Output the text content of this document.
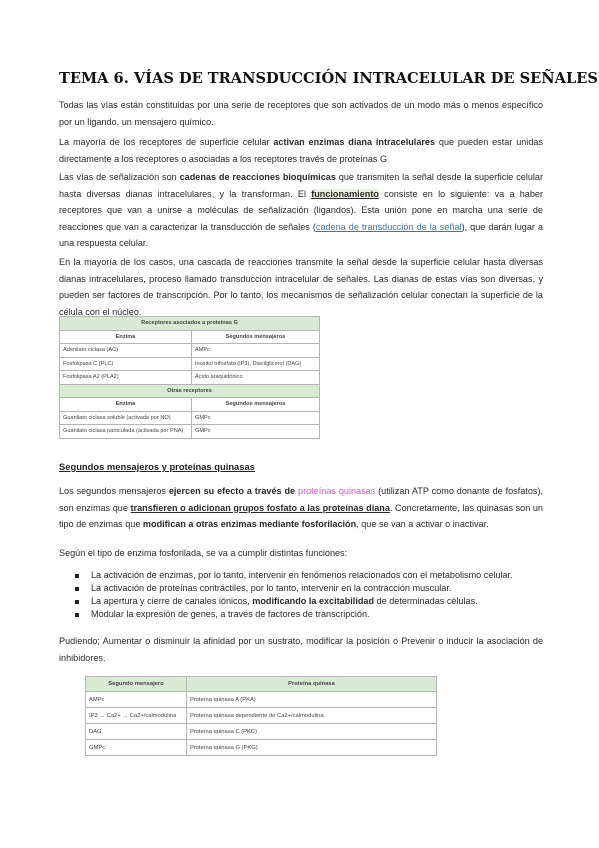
TEMA 6. VÍAS DE TRANSDUCCIÓN INTRACELULAR DE SEÑALES

Todas las vías están constituidas por una serie de receptores que son activados de un modo más o menos específico por un ligando, un mensajero químico.

La mayoría de los receptores de superficie celular activan enzimas diana intracelulares que pueden estar unidas directamente a los receptores o asociadas a los receptores través de proteínas G

Las vías de señalización son cadenas de reacciones bioquímicas que transmiten la señal desde la superficie celular hasta diversas dianas intracelulares, y la transforman. El funcionamiento consiste en lo siguiente: va a haber receptores que van a unirse a moléculas de señalización (ligandos). Esta unión pone en marcha una serie de reacciones que van a caracterizar la transducción de señales (cadena de transducción de la señal), que darán lugar a una respuesta celular.

En la mayoría de los casos, una cascada de reacciones transmite la señal desde la superficie celular hasta diversas dianas intracelulares, proceso llamado transducción intracelular de señales. Las dianas de estas vías son diversas, y pueden ser factores de transcripción. Por lo tanto, los mecanismos de señalización celular conectan la superficie de la célula con el núcleo.

Receptores asociados a proteínas G	
Enzima	Segundos mensajeros
Adenilato ciclasa (AC)	AMPc
Fosfolipasa C (PLC)	Inositol trifosfato (IP3), Diacilglicerol (DAG)
Fosfolipasa A2 (PLA2)	Ácido araquidónico
Otras receptores	
Enzima	Segundos mensajeros
Guanilato ciclasa soluble (activada por NO)	GMPc
Guanilato ciclasa particulada (activada por PNA)	GMPc

Segundos mensajeros y proteínas quinasas

Los segundos mensajeros ejercen su efecto a través de proteínas quinasas (utilizan ATP como donante de fosfatos), son enzimas que transfieren o adicionan grupos fosfato a las proteínas diana. Concretamente, las quinasas son un tipo de enzimas que modifican a otras enzimas mediante fosforilación, que se van a activar o inactivar.

Según el tipo de enzima fosforilada, se va a cumplir distintas funciones:

La activación de enzimas, por lo tanto, intervenir en fenómenos relacionados con el metabolismo celular.
La activación de proteínas contráctiles, por lo tanto, intervenir en la contracción muscular.
La apertura y cierre de canales iónicos, modificando la excitabilidad de determinadas células.
Modular la expresión de genes, a través de factores de transcripción.

Pudiendo; Aumentar o disminuir la afinidad por un sustrato, modificar la posición o Prevenir o inducir la asociación de inhibidores.

Segundo mensajero	Proteína quinasa
AMPc	Proteína quinasa A (PKA)
IP3 → Ca2+ → Ca2+/calmodulina	Proteína quinasa dependiente de Ca2+/calmodulina
DAG	Proteína quinasa C (PKC)
GMPc	Proteína quinasa G (PKG)
